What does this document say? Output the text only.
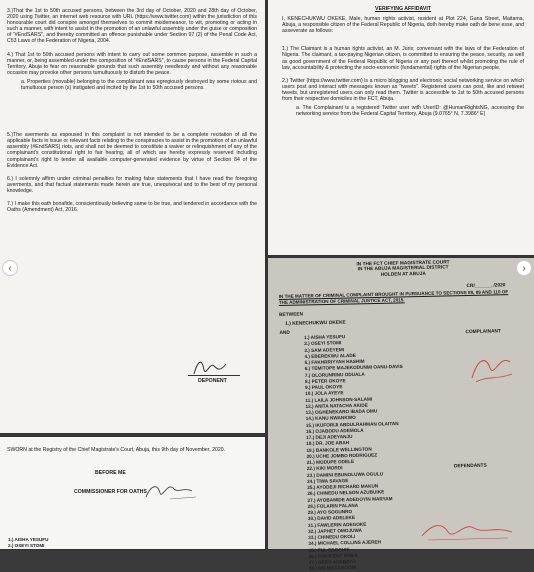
3.)That the 1st to 50th accused persons, between the 3rd day of October, 2020 and 28th day of October, 2020 using Twitter, an internet web resource with URL (https://www.twitter.com) within the jurisdiction of this honourable court did conspire amongst themselves to commit misdemeanor, to wit, promoting or acting in such a manner, with intent to assist in the promotion of an unlawful assembly under the guise or composition of "#EndSARS", and thereby committed an offence punishable under Section 97 (2) of the Penal Code Act, C53 Laws of the Federation of Nigeria, 2004.

4.) That 1st to 50th accused persons with intent to carry out some common purpose, assemble in such a manner, or, being assembled under the composition of "#EndSARS", to cause persons in the Federal Capital Territory, Abuja to fear on reasonable grounds that such assembly needlessly and without any reasonable occasion may provoke other persons tumultuously to disturb the peace.

a. Properties (movable) belonging to the complainant was egregiously destroyed by some riotous and tumultuous person (s) instigated and incited by the 1st to 50th accused persons.

5.)The averments as espoused in this complaint is not intended to be a complete recitation of all the applicable facts in issue or relevant facts relating to the conspiracies to assist in the promotion of an unlawful assembly (#EndSARS) riots, and shall not be deemed to constitute a waiver or relinquishment of any of the complainant's constitutional right to fair hearing, all of which are hereby expressly reserved including complainant's right to tender all available computer-generated evidence by virtue of Section 84 of the Evidence Act.

6.) I solemnly affirm under criminal penalties for making false statements that I have read the foregoing averments, and that factual statements made herein are true, unequivocal and to the best of my personal knowledge.

7.) I make this oath bonafide, conscientiously believing same to be true, and tendered in accordance with the Oaths (Amendment) Act, 2016.

DEPONENT

SWORN at the Registry of the Chief Magistrate's Court, Abuja, this 9th day of November, 2020.

BEFORE ME

COMMISSIONER FOR OATHS

1.) AISHA YESUFU
2.) OSEYI STOMI

VERIFYING AFFIDAVIT

I, KENECHUKWU OKEKE, Male, human rights activist, resident at Plot 224, Gana Street, Maitama, Abuja, a responsible citizen of the Federal Republic of Nigeria, doth hereby make oath de bene esse, and asseverate as follows:

1.) The Claimant is a human rights activist, an M. Juris; conversant with the laws of the Federation of Nigeria. The claimant, a tax-paying Nigerian citizen, is committed to ensuring the peace, security, as well as good government of the Federal Republic of Nigeria or any part thereof whilst promoting the rule of law, accountability & protecting the socio-economic (fundamental) rights of the Nigerian people.

2.) Twitter (https://www.twitter.com) is a micro blogging and electronic social networking service on which users post and interact with messages known as "tweets". Registered users can post, like and retweet tweets, but unregistered users can only read them. Twitter is accessible to 1st to 50th accused persons from their respective domiciles in the FCT, Abuja.

a. The Complainant is a registered Twitter user with UserID: @HumanRightsNG, accessing the networking service from the Federal Capital Territory, Abuja (9.0765° N, 7.3986° E)

IN THE FCT CHIEF MAGISTRATE COURT

IN THE ABUJA MAGISTERIAL DISTRICT

HOLDEN AT ABUJA

CR/_______/2020

IN THE MATTER OF CRIMINAL COMPLAINT BROUGHT IN PURSUANCE TO SECTIONS 88, 89 AND 110 OF THE ADMINISTRATION OF CRIMINAL JUSTICE ACT, 2015.

BETWEEN

1.) KENECHUKWU OKEKE

COMPLAINANT

AND

1.) AISHA YESUFU
2.) OSEYI STOMI
3.) SAM ADEYEMI
4.) EBEREKWU ALADE
5.) FAKHRRIYYAH HASHIM
6.) TEMITOPE MAJEKODUNMI OANU-DAVIS
7.) OLORUNRINU ODUALA
8.) PETER OKOYE
9.) PAUL OKOYE
10.) JOLA AYEYE
11.) LAILA JOHNSON-SALAMI
12.) ANITA NATACHA AKIDE
13.) OGHENEKARO IBADA OMU
14.) KANU NWANKWO
15.) IKUFORIJI ABDULRAHMAN OLAITAN
16.) OJABODU ADEMOLA
17.) DEJI ADEYANJU
18.) DR. JOE ABAH
19.) BANKOLE WELLINGTON
20.) UCHE JOMBO RODRIGUEZ
21.) MODUPE ODELE
22.) KIKI MORDI
23.) DAMINI EBUNOLUWA OGULU
24.) TIWA SAVAGE
25.) AYODEJI RICHARD MAKUN
26.) CHINEDU NELSON AZUBUIKE
27.) AYOBAMIDE ADEDOYIN MARYAM
28.) FOLARIN FALANA
29.) AYO SOGUNRO
30.) DAVID ADELEKE
31.) FAWLERIN ADEGOKE
32.) JAPHET OMOJUWA
33.) CHINEDU OKOLI
34.) MICHAEL COLLINS AJEREH
35.) FUL EDOCHIE
36.) INNOCENT IDIBIA
37.) DEBO ADEBAYO
38.) MR MACAROONI

DEFENDANTS

‹	›
